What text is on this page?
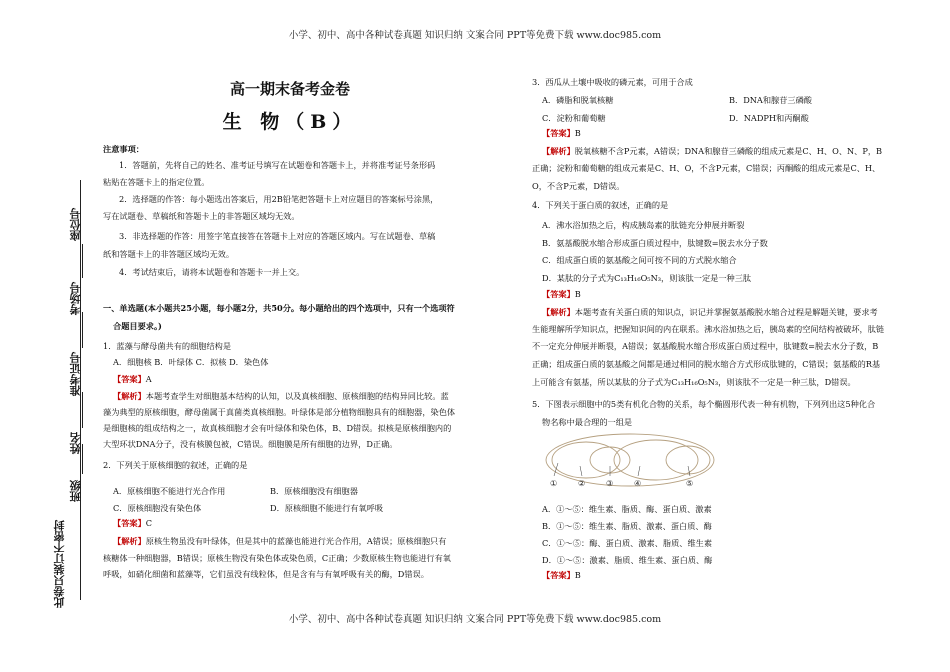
小学、初中、高中各种试卷真题 知识归纳 文案合同 PPT等免费下载 www.doc985.com
此卷只装订不密封
班级
姓名
准考证号
考场号
座位号
高一期末备考金卷
生 物（B）
注意事项：
1．答题前，先将自己的姓名、准考证号填写在试题卷和答题卡上，并将准考证号条形码
粘贴在答题卡上的指定位置。
2．选择题的作答：每小题选出答案后，用2B铅笔把答题卡上对应题目的答案标号涂黑，
写在试题卷、草稿纸和答题卡上的非答题区域均无效。
3．非选择题的作答：用签字笔直接答在答题卡上对应的答题区域内。写在试题卷、草稿
纸和答题卡上的非答题区域均无效。
4．考试结束后，请将本试题卷和答题卡一并上交。
一、单选题(本小题共25小题，每小题2分，共50分。每小题给出的四个选项中，只有一个选项符
合题目要求。)
1．蓝藻与酵母菌共有的细胞结构是
A．细胞核 B．叶绿体 C．拟核 D．染色体
【答案】A
【解析】本题考查学生对细胞基本结构的认知，以及真核细胞、原核细胞的结构异同比较。蓝
藻为典型的原核细胞，酵母菌属于真菌类真核细胞。叶绿体是部分植物细胞具有的细胞器，染色体
是细胞核的组成结构之一，故真核细胞才会有叶绿体和染色体，B、D错误。拟核是原核细胞内的
大型环状DNA分子，没有核膜包被，C错误。细胞膜是所有细胞的边界，D正确。
2．下列关于原核细胞的叙述，正确的是
A．原核细胞不能进行光合作用	B．原核细胞没有细胞器
C．原核细胞没有染色体	D．原核细胞不能进行有氧呼吸
【答案】C
【解析】原核生物虽没有叶绿体，但是其中的蓝藻也能进行光合作用，A错误；原核细胞只有
核糖体一种细胞器，B错误；原核生物没有染色体或染色质，C正确；少数原核生物也能进行有氧
呼吸，如硝化细菌和蓝藻等，它们虽没有线粒体，但是含有与有氧呼吸有关的酶，D错误。
3．西瓜从土壤中吸收的磷元素，可用于合成
A．磷脂和脱氧核糖	B．DNA和腺苷三磷酸
C．淀粉和葡萄糖	D．NADPH和丙酮酸
【答案】B
【解析】脱氧核糖不含P元素，A错误；DNA和腺苷三磷酸的组成元素是C、H、O、N、P，B
正确；淀粉和葡萄糖的组成元素是C、H、O，不含P元素，C错误；丙酮酸的组成元素是C、H、
O，不含P元素，D错误。
4．下列关于蛋白质的叙述，正确的是
A．沸水浴加热之后，构成胰岛素的肽链充分伸展并断裂
B．氨基酸脱水缩合形成蛋白质过程中，肽键数=脱去水分子数
C．组成蛋白质的氨基酸之间可按不同的方式脱水缩合
D．某肽的分子式为C₁₃H₁₆O₅N₃，则该肽一定是一种三肽
【答案】B
【解析】本题考查有关蛋白质的知识点，识记并掌握氨基酸脱水缩合过程是解题关键，要求考
生能理解所学知识点，把握知识间的内在联系。沸水浴加热之后，胰岛素的空间结构被破坏，肽链
不一定充分伸展并断裂，A错误；氨基酸脱水缩合形成蛋白质过程中，肽键数=脱去水分子数，B
正确；组成蛋白质的氨基酸之间都是通过相同的脱水缩合方式形成肽键的，C错误；氨基酸的R基
上可能含有氨基，所以某肽的分子式为C₁₃H₁₆O₅N₃，则该肽不一定是一种三肽，D错误。
5．下图表示细胞中的5类有机化合物的关系，每个椭圆形代表一种有机物，下列列出这5种化合
物名称中最合理的一组是
①	②	③	④	⑤
A．①～⑤：维生素、脂质、酶、蛋白质、激素
B．①～⑤：维生素、脂质、激素、蛋白质、酶
C．①～⑤：酶、蛋白质、激素、脂质、维生素
D．①～⑤：激素、脂质、维生素、蛋白质、酶
【答案】B
小学、初中、高中各种试卷真题 知识归纳 文案合同 PPT等免费下载 www.doc985.com
